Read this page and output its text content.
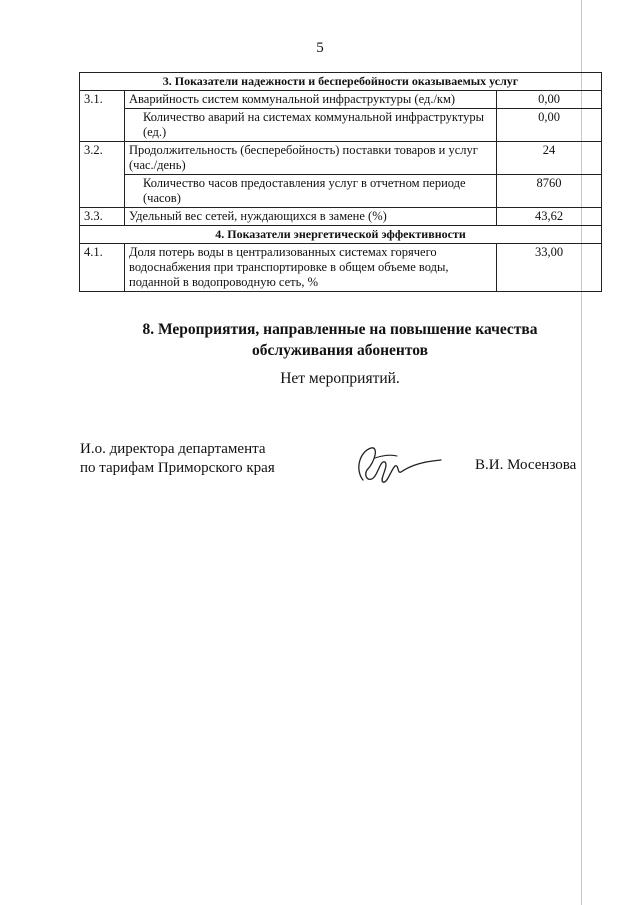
5
3. Показатели надежности и бесперебойности оказываемых услуг		
3.1.	Аварийность систем коммунальной инфраструктуры (ед./км)	0,00
	Количество аварий на системах коммунальной инфраструктуры (ед.)	0,00
3.2.	Продолжительность (бесперебойность) поставки товаров и услуг (час./день)	24
	Количество часов предоставления услуг в отчетном периоде (часов)	8760
3.3.	Удельный вес сетей, нуждающихся в замене (%)	43,62
4. Показатели энергетической эффективности		
4.1.	Доля потерь воды в централизованных системах горячего водоснабжения при транспортировке в общем объеме воды, поданной в водопроводную сеть, %	33,00
8. Мероприятия, направленные на повышение качества обслуживания абонентов
Нет мероприятий.
И.о. директора департамента
по тарифам Приморского края	В.И. Мосензова
